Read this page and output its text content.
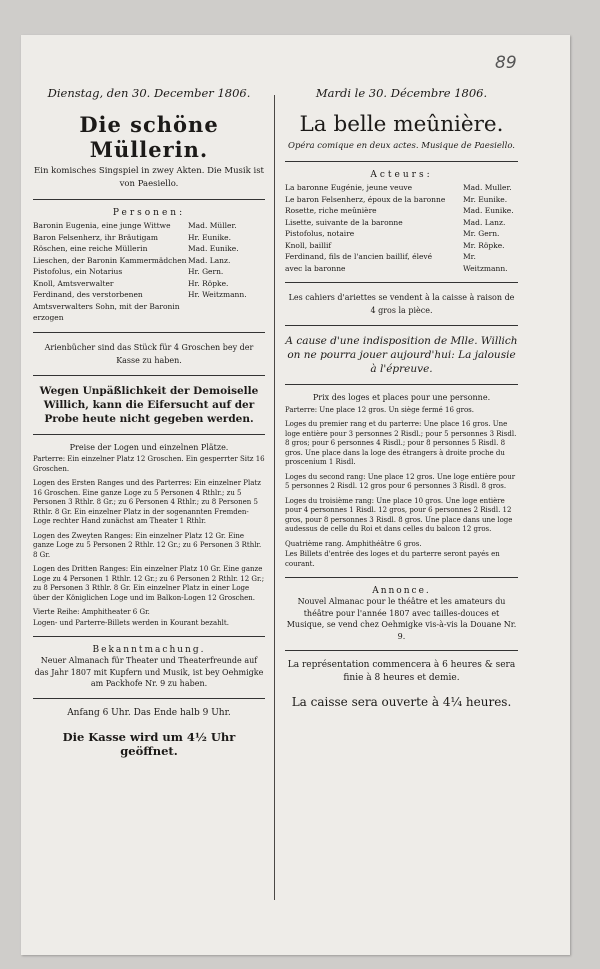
89
Dienstag, den 30. December 1806.
Die schöne Müllerin.
Ein komisches Singspiel in zwey Akten. Die Musik ist von Paesiello.
Personen:
Baronin Eugenia, eine junge Wittwe	Mad. Müller.
Baron Felsenherz, ihr Bräutigam	Hr. Eunike.
Röschen, eine reiche Müllerin	Mad. Eunike.
Lieschen, der Baronin Kammermädchen Mad. Lanz.
Pistofolus, ein Notarius	Hr. Gern.
Knoll, Amtsverwalter	Hr. Röpke.
Ferdinand, des verstorbenen Amtsverwalters Sohn, mit der Baronin erzogen
Hr. Weitzmann.
Arienbücher sind das Stück für 4 Groschen bey der Kasse zu haben.
Wegen Unpäßlichkeit der Demoiselle Willich, kann die Eifersucht auf der Probe heute nicht gegeben werden.
Preise der Logen und einzelnen Plätze.

Parterre: Ein einzelner Platz 12 Groschen. Ein gesperrter Sitz 16 Groschen.

Logen des Ersten Ranges und des Parterres: Ein einzelner Platz 16 Groschen. Eine ganze Loge zu 5 Personen 4 Rthlr.; zu 5 Personen 3 Rthlr. 8 Gr.; zu 6 Personen 4 Rthlr.; zu 8 Personen 5 Rthlr. 8 Gr. Ein einzelner Platz in der sogenannten Fremden-Loge rechter Hand zunächst am Theater 1 Rthlr.

Logen des Zweyten Ranges: Ein einzelner Platz 12 Gr. Eine ganze Loge zu 5 Personen 2 Rthlr. 12 Gr.; zu 6 Personen 3 Rthlr. 8 Gr.

Logen des Dritten Ranges: Ein einzelner Platz 10 Gr. Eine ganze Loge zu 4 Personen 1 Rthlr. 12 Gr.; zu 6 Personen 2 Rthlr. 12 Gr.; zu 8 Personen 3 Rthlr. 8 Gr. Ein einzelner Platz in einer Loge über der Königlichen Loge und im Balkon-Logen 12 Groschen.

Vierte Reihe: Amphitheater 6 Gr.

Logen- und Parterre-Billets werden in Kourant bezahlt.

Bekanntmachung.
Neuer Almanach für Theater und Theaterfreunde auf das Jahr 1807 mit Kupfern und Musik, ist bey Oehmigke am Packhofe Nr. 9 zu haben.
Anfang 6 Uhr. Das Ende halb 9 Uhr.
Die Kasse wird um 4½ Uhr geöffnet.
Mardi le 30. Décembre 1806.
La belle meûnière.
Opéra comique en deux actes. Musique de Paesiello.
Acteurs:
La baronne Eugénie, jeune veuve	Mad. Muller.
Le baron Felsenherz, époux de la baronne	Mr. Eunike.
Rosette, riche meûnière	Mad. Eunike.
Lisette, suivante de la baronne	Mad. Lanz.
Pistofolus, notaire	Mr. Gern.
Knoll, baillif	Mr. Röpke.
Ferdinand, fils de l'ancien baillif, élevé avec la baronne
Mr. Weitzmann.
Les cahiers d'ariettes se vendent à la caisse à raison de 4 gros la pièce.
A cause d'une indisposition de Mlle. Willich on ne pourra jouer aujourd'hui: La jalousie à l'épreuve.
Prix des loges et places pour une personne.

Parterre: Une place 12 gros. Un siège fermé 16 gros.

Loges du premier rang et du parterre: Une place 16 gros. Une loge entière pour 3 personnes 2 Risdl.; pour 5 personnes 3 Risdl. 8 gros; pour 6 personnes 4 Risdl.; pour 8 personnes 5 Risdl. 8 gros. Une place dans la loge des étrangers à droite proche du proscenium 1 Risdl.

Loges du second rang: Une place 12 gros. Une loge entière pour 5 personnes 2 Risdl. 12 gros pour 6 personnes 3 Risdl. 8 gros.

Loges du troisième rang: Une place 10 gros. Une loge entière pour 4 personnes 1 Risdl. 12 gros, pour 6 personnes 2 Risdl. 12 gros, pour 8 personnes 3 Risdl. 8 gros. Une place dans une loge audessus de celle du Roi et dans celles du balcon 12 gros.

Quatrième rang. Amphithéâtre 6 gros.

Les Billets d'entrée des loges et du parterre seront payés en courant.

Annonce.
Nouvel Almanac pour le théâtre et les amateurs du théâtre pour l'année 1807 avec tailles-douces et Musique, se vend chez Oehmigke vis-à-vis la Douane Nr. 9.
La représentation commencera à 6 heures & sera finie à 8 heures et demie.
La caisse sera ouverte à 4¼ heures.
